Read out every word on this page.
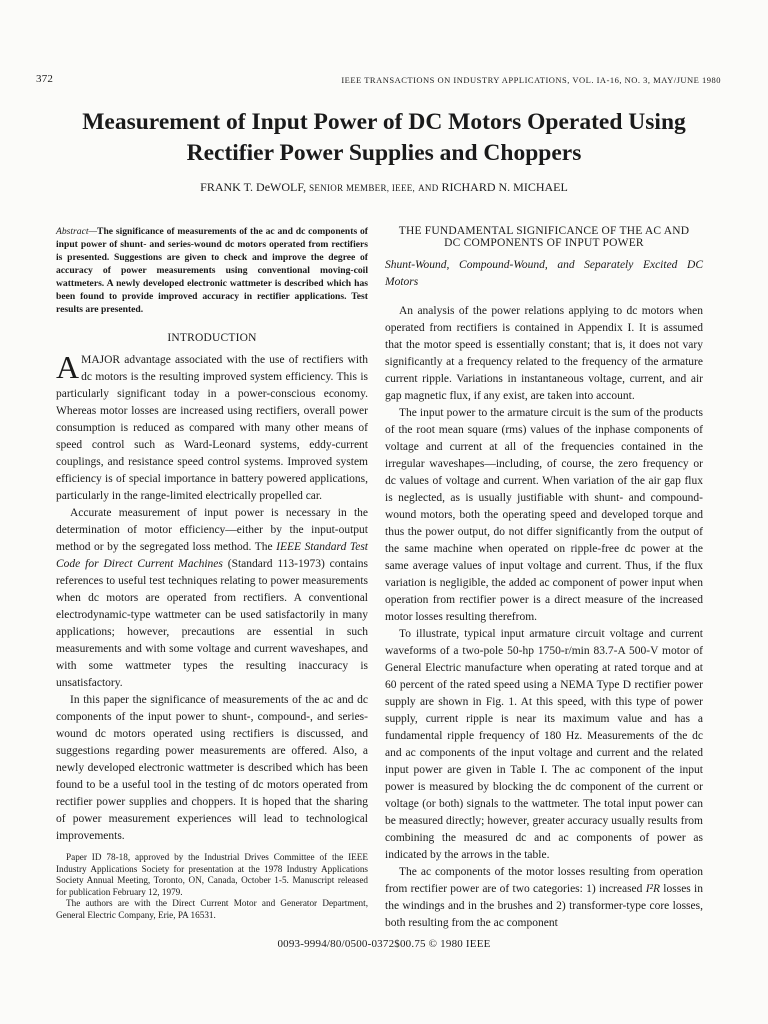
372	IEEE TRANSACTIONS ON INDUSTRY APPLICATIONS, VOL. IA-16, NO. 3, MAY/JUNE 1980
Measurement of Input Power of DC Motors Operated Using Rectifier Power Supplies and Choppers
FRANK T. DeWOLF, SENIOR MEMBER, IEEE, AND RICHARD N. MICHAEL

Abstract—The significance of measurements of the ac and dc components of input power of shunt- and series-wound dc motors operated from rectifiers is presented. Suggestions are given to check and improve the degree of accuracy of power measurements using conventional moving-coil wattmeters. A newly developed electronic wattmeter is described which has been found to provide improved accuracy in rectifier applications. Test results are presented.

INTRODUCTION

AMAJOR advantage associated with the use of rectifiers with dc motors is the resulting improved system efficiency. This is particularly significant today in a power-conscious economy. Whereas motor losses are increased using rectifiers, overall power consumption is reduced as compared with many other means of speed control such as Ward-Leonard systems, eddy-current couplings, and resistance speed control systems. Improved system efficiency is of special importance in battery powered applications, particularly in the range-limited electrically propelled car.

Accurate measurement of input power is necessary in the determination of motor efficiency—either by the input-output method or by the segregated loss method. The IEEE Standard Test Code for Direct Current Machines (Standard 113-1973) contains references to useful test techniques relating to power measurements when dc motors are operated from rectifiers. A conventional electrodynamic-type wattmeter can be used satisfactorily in many applications; however, precautions are essential in such measurements and with some voltage and current waveshapes, and with some wattmeter types the resulting inaccuracy is unsatisfactory.

In this paper the significance of measurements of the ac and dc components of the input power to shunt-, compound-, and series-wound dc motors operated using rectifiers is discussed, and suggestions regarding power measurements are offered. Also, a newly developed electronic wattmeter is described which has been found to be a useful tool in the testing of dc motors operated from rectifier power supplies and choppers. It is hoped that the sharing of power measurement experiences will lead to technological improvements.

Paper ID 78-18, approved by the Industrial Drives Committee of the IEEE Industry Applications Society for presentation at the 1978 Industry Applications Society Annual Meeting, Toronto, ON, Canada, October 1-5. Manuscript released for publication February 12, 1979.

The authors are with the Direct Current Motor and Generator Department, General Electric Company, Erie, PA 16531.

THE FUNDAMENTAL SIGNIFICANCE OF THE AC AND
DC COMPONENTS OF INPUT POWER
Shunt-Wound, Compound-Wound, and Separately Excited DC Motors

An analysis of the power relations applying to dc motors when operated from rectifiers is contained in Appendix I. It is assumed that the motor speed is essentially constant; that is, it does not vary significantly at a frequency related to the frequency of the armature current ripple. Variations in instantaneous voltage, current, and air gap magnetic flux, if any exist, are taken into account.

The input power to the armature circuit is the sum of the products of the root mean square (rms) values of the inphase components of voltage and current at all of the frequencies contained in the irregular waveshapes—including, of course, the zero frequency or dc values of voltage and current. When variation of the air gap flux is neglected, as is usually justifiable with shunt- and compound-wound motors, both the operating speed and developed torque and thus the power output, do not differ significantly from the output of the same machine when operated on ripple-free dc power at the same average values of input voltage and current. Thus, if the flux variation is negligible, the added ac component of power input when operation from rectifier power is a direct measure of the increased motor losses resulting therefrom.

To illustrate, typical input armature circuit voltage and current waveforms of a two-pole 50-hp 1750-r/min 83.7-A 500-V motor of General Electric manufacture when operating at rated torque and at 60 percent of the rated speed using a NEMA Type D rectifier power supply are shown in Fig. 1. At this speed, with this type of power supply, current ripple is near its maximum value and has a fundamental ripple frequency of 180 Hz. Measurements of the dc and ac components of the input voltage and current and the related input power are given in Table I. The ac component of the input power is measured by blocking the dc component of the current or voltage (or both) signals to the wattmeter. The total input power can be measured directly; however, greater accuracy usually results from combining the measured dc and ac components of power as indicated by the arrows in the table.

The ac components of the motor losses resulting from operation from rectifier power are of two categories: 1) increased I²R losses in the windings and in the brushes and 2) transformer-type core losses, both resulting from the ac component

0093-9994/80/0500-0372$00.75 © 1980 IEEE
